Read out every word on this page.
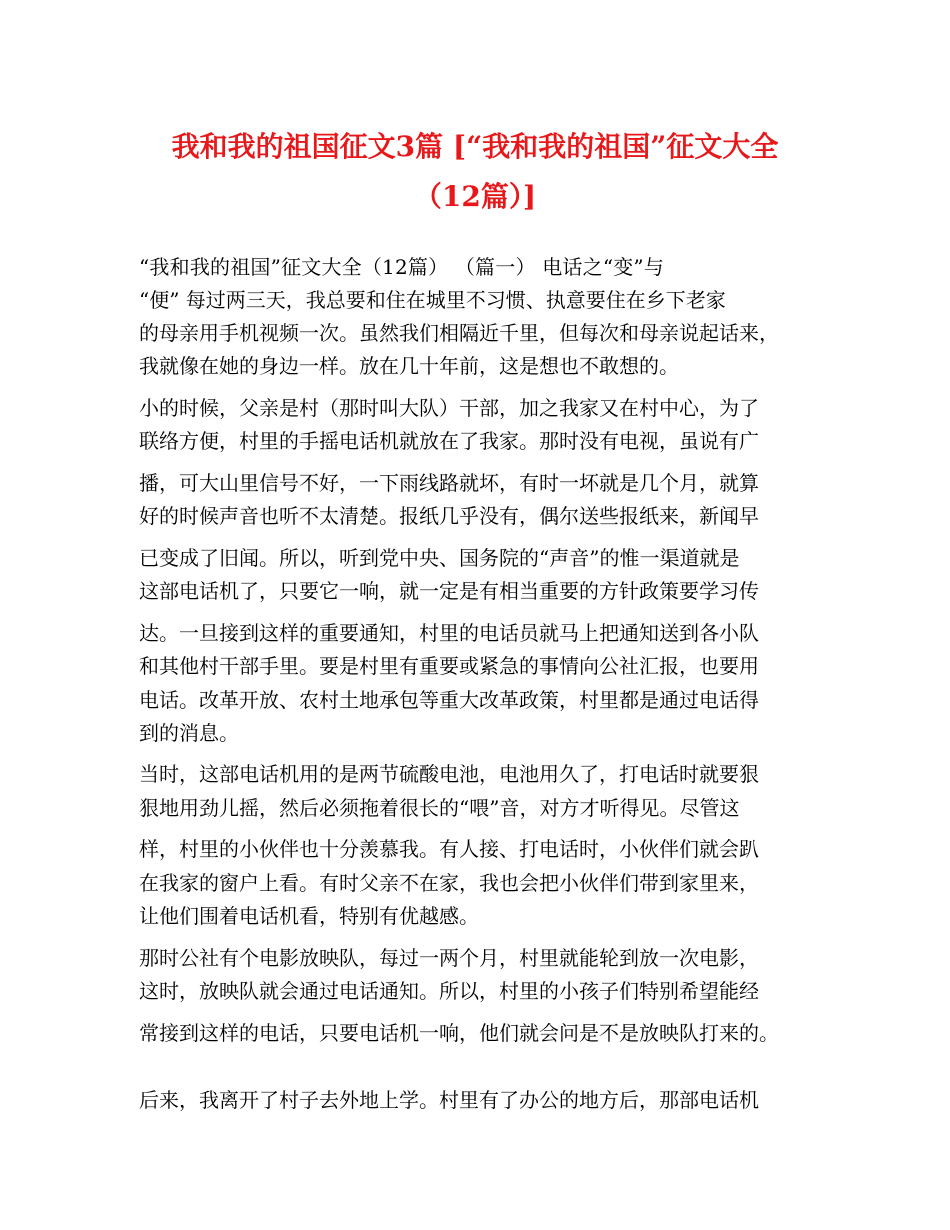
我和我的祖国征文3篇 [“我和我的祖国”征文大全
（12篇）]

“我和我的祖国”征文大全（12篇） （篇一） 电话之“变”与

“便” 每过两三天，我总要和住在城里不习惯、执意要住在乡下老家

的母亲用手机视频一次。虽然我们相隔近千里，但每次和母亲说起话来，

我就像在她的身边一样。放在几十年前，这是想也不敢想的。

小的时候，父亲是村（那时叫大队）干部，加之我家又在村中心，为了

联络方便，村里的手摇电话机就放在了我家。那时没有电视，虽说有广

播，可大山里信号不好，一下雨线路就坏，有时一坏就是几个月，就算

好的时候声音也听不太清楚。报纸几乎没有，偶尔送些报纸来，新闻早

已变成了旧闻。所以，听到党中央、国务院的“声音”的惟一渠道就是

这部电话机了，只要它一响，就一定是有相当重要的方针政策要学习传

达。一旦接到这样的重要通知，村里的电话员就马上把通知送到各小队

和其他村干部手里。要是村里有重要或紧急的事情向公社汇报，也要用

电话。改革开放、农村土地承包等重大改革政策，村里都是通过电话得

到的消息。

当时，这部电话机用的是两节硫酸电池，电池用久了，打电话时就要狠

狠地用劲儿摇，然后必须拖着很长的“喂”音，对方才听得见。尽管这

样，村里的小伙伴也十分羡慕我。有人接、打电话时，小伙伴们就会趴

在我家的窗户上看。有时父亲不在家，我也会把小伙伴们带到家里来，

让他们围着电话机看，特别有优越感。

那时公社有个电影放映队，每过一两个月，村里就能轮到放一次电影，

这时，放映队就会通过电话通知。所以，村里的小孩子们特别希望能经

常接到这样的电话，只要电话机一响，他们就会问是不是放映队打来的。

后来，我离开了村子去外地上学。村里有了办公的地方后，那部电话机
